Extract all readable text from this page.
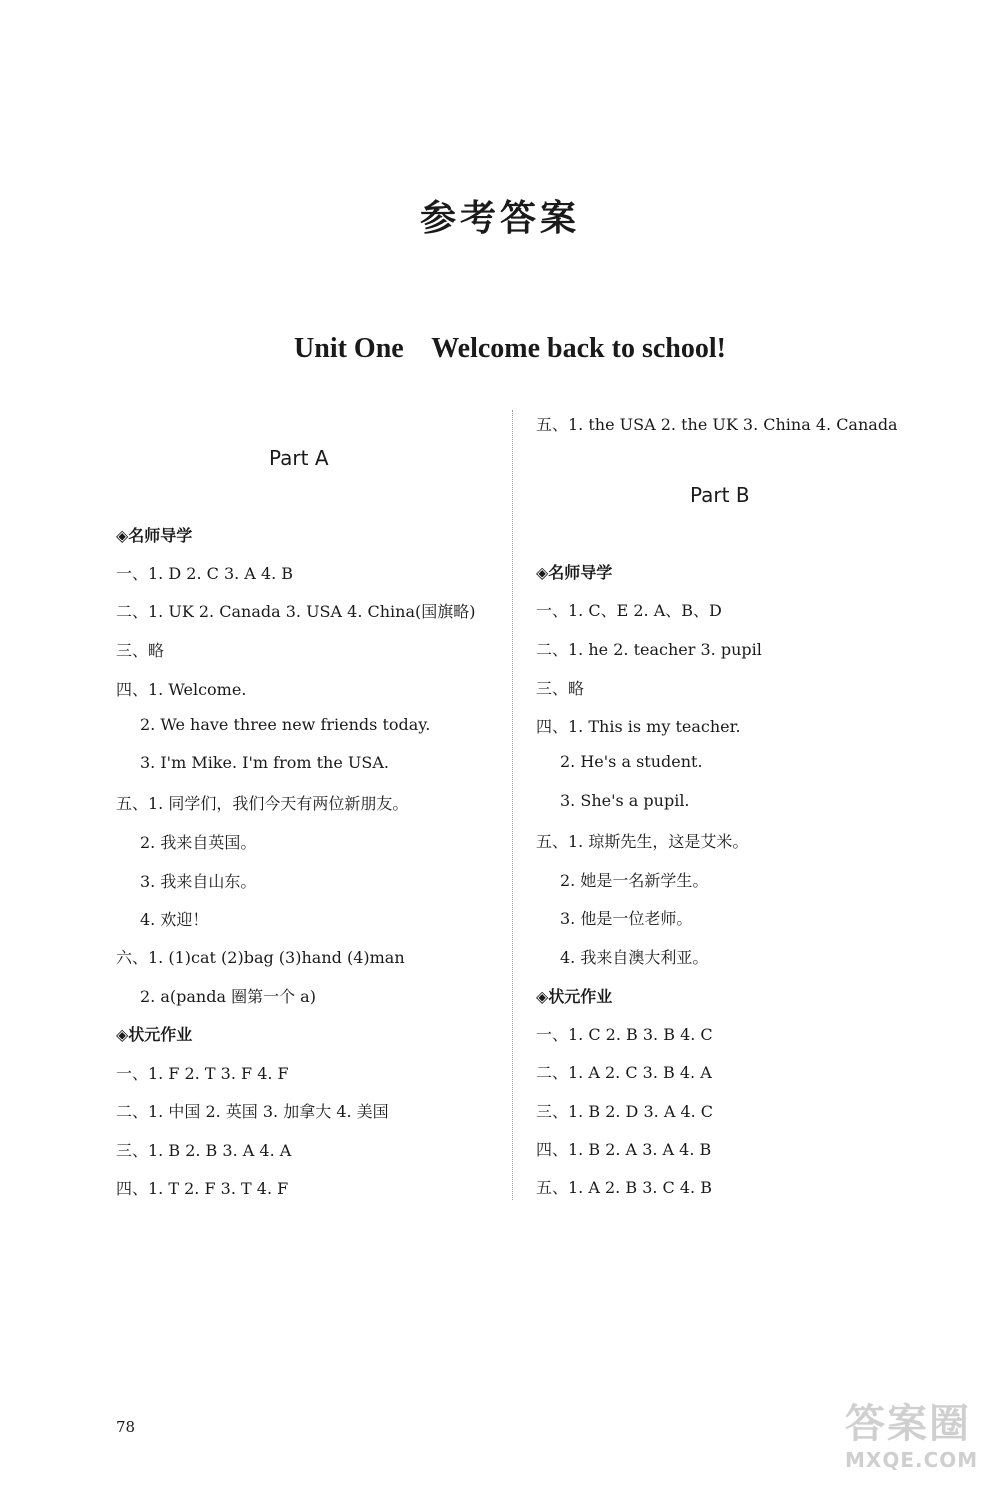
参考答案
Unit One    Welcome back to school!
Part A
◈名师导学
一、1. D 2. C 3. A 4. B
二、1. UK 2. Canada 3. USA 4. China(国旗略)
三、略
四、1. Welcome.
2. We have three new friends today.
3. I'm Mike. I'm from the USA.
五、1. 同学们，我们今天有两位新朋友。
2. 我来自英国。
3. 我来自山东。
4. 欢迎！
六、1. (1)cat (2)bag (3)hand (4)man
2. a(panda 圈第一个 a)
◈状元作业
一、1. F 2. T 3. F 4. F
二、1. 中国 2. 英国 3. 加拿大 4. 美国
三、1. B 2. B 3. A 4. A
四、1. T 2. F 3. T 4. F
五、1. the USA 2. the UK 3. China 4. Canada
Part B
◈名师导学
一、1. C、E 2. A、B、D
二、1. he 2. teacher 3. pupil
三、略
四、1. This is my teacher.
2. He's a student.
3. She's a pupil.
五、1. 琼斯先生，这是艾米。
2. 她是一名新学生。
3. 他是一位老师。
4. 我来自澳大利亚。
◈状元作业
一、1. C 2. B 3. B 4. C
二、1. A 2. C 3. B 4. A
三、1. B 2. D 3. A 4. C
四、1. B 2. A 3. A 4. B
五、1. A 2. B 3. C 4. B
78	答案圈
MXQE.COM
